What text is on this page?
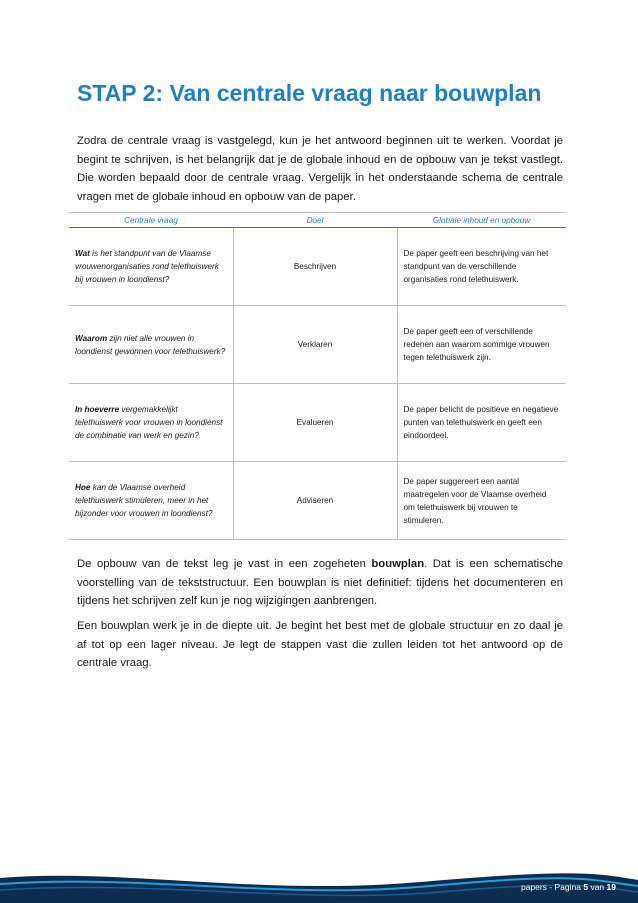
STAP 2: Van centrale vraag naar bouwplan
Zodra de centrale vraag is vastgelegd, kun je het antwoord beginnen uit te werken. Voordat je begint te schrijven, is het belangrijk dat je de globale inhoud en de opbouw van je tekst vastlegt. Die worden bepaald door de centrale vraag. Vergelijk in het onderstaande schema de centrale vragen met de globale inhoud en opbouw van de paper.
Centrale vraag	Doel	Globale inhoud en opbouw
Wat is het standpunt van de Vlaamse vrouwenorganisaties rond telethuiswerk bij vrouwen in loondienst?	Beschrijven	De paper geeft een beschrijving van het standpunt van de verschillende organisaties rond telethuiswerk.
Waarom zijn niet alle vrouwen in loondienst gewonnen voor telethuiswerk?	Verklaren	De paper geeft een of verschillende redenen aan waarom sommige vrouwen tegen telethuiswerk zijn.
In hoeverre vergemakkelijkt telethuiswerk voor vrouwen in loondienst de combinatie van werk en gezin?	Evalueren	De paper belicht de positieve en negatieve punten van telethuiswerk en geeft een eindoordeel.
Hoe kan de Vlaamse overheid telethuiswerk stimuleren, meer in het bijzonder voor vrouwen in loondienst?	Adviseren	De paper suggereert een aantal maatregelen voor de Vlaamse overheid om telethuiswerk bij vrouwen te stimuleren.
De opbouw van de tekst leg je vast in een zogeheten bouwplan. Dat is een schematische voorstelling van de tekststructuur. Een bouwplan is niet definitief: tijdens het documenteren en tijdens het schrijven zelf kun je nog wijzigingen aanbrengen.
Een bouwplan werk je in de diepte uit. Je begint het best met de globale structuur en zo daal je af tot op een lager niveau. Je legt de stappen vast die zullen leiden tot het antwoord op de centrale vraag.
papers - Pagina 5 van 19
